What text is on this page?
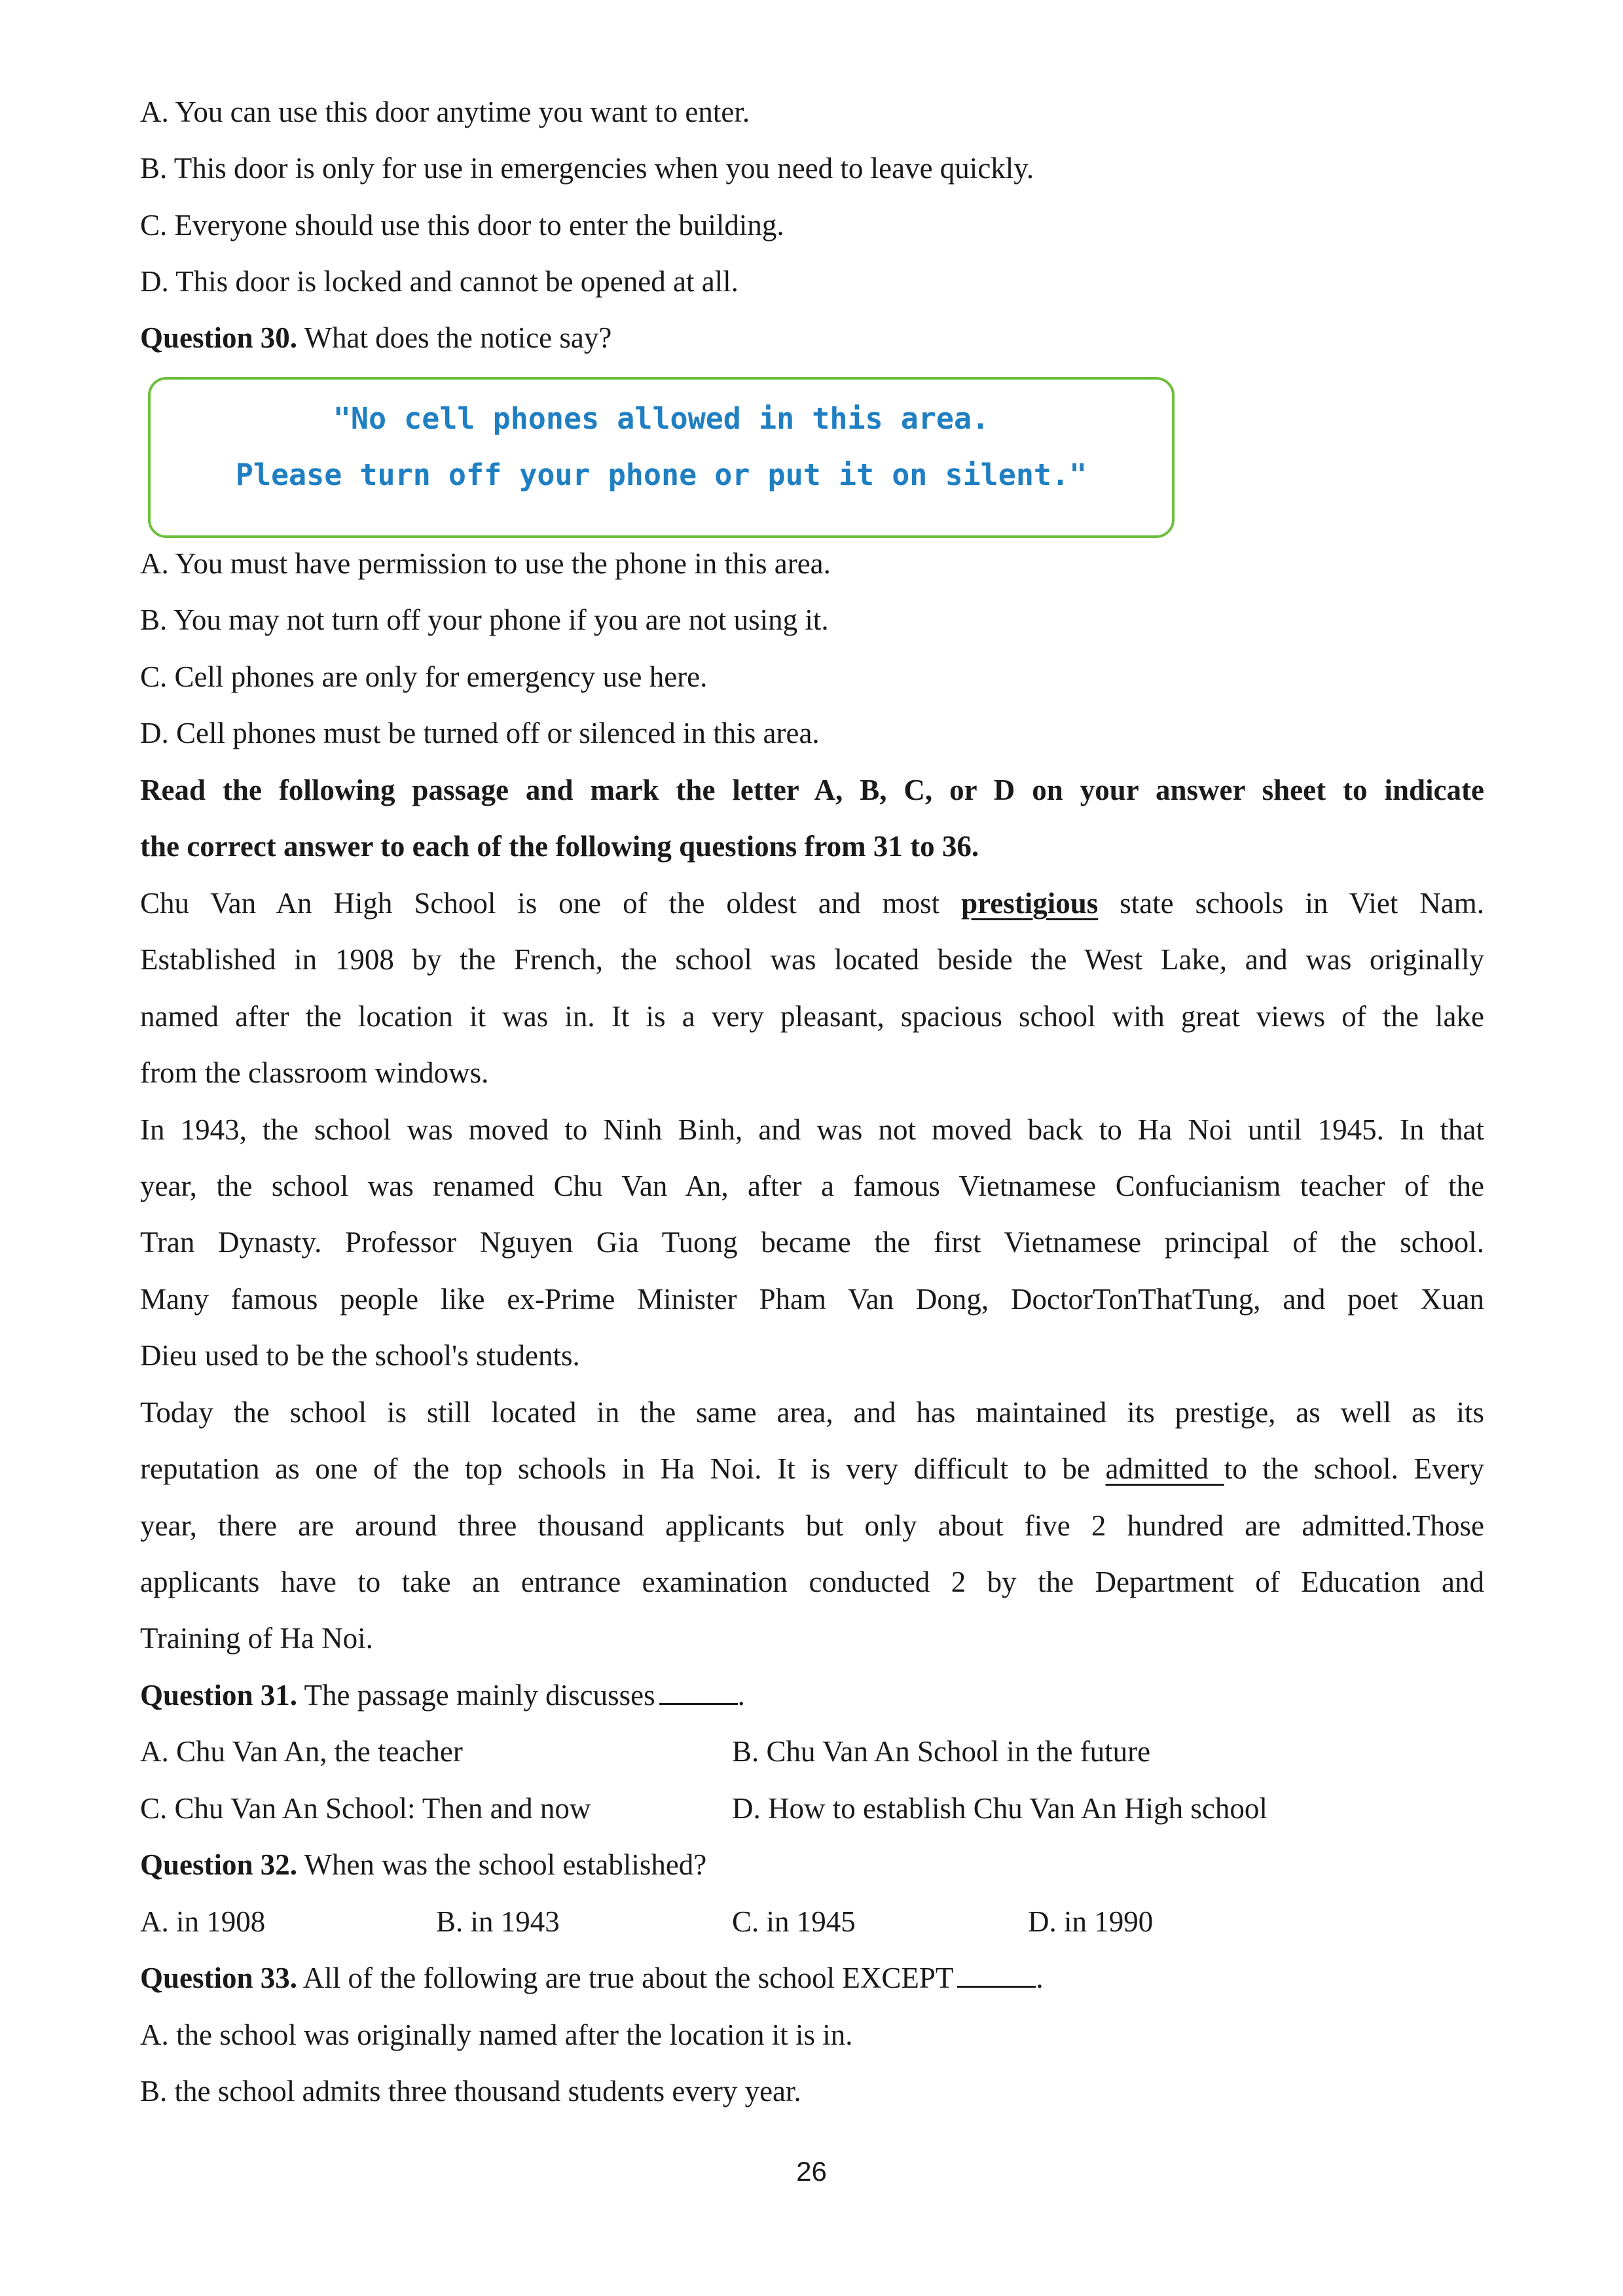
A. You can use this door anytime you want to enter.
B. This door is only for use in emergencies when you need to leave quickly.
C. Everyone should use this door to enter the building.
D. This door is locked and cannot be opened at all.
Question 30. What does the notice say?
"No cell phones allowed in this area.
Please turn off your phone or put it on silent."
A. You must have permission to use the phone in this area.
B. You may not turn off your phone if you are not using it.
C. Cell phones are only for emergency use here.
D. Cell phones must be turned off or silenced in this area.
Read the following passage and mark the letter A, B, C, or D on your answer sheet to indicate
the correct answer to each of the following questions from 31 to 36.
Chu Van An High School is one of the oldest and most prestigious state schools in Viet Nam.
Established in 1908 by the French, the school was located beside the West Lake, and was originally
named after the location it was in. It is a very pleasant, spacious school with great views of the lake
from the classroom windows.
In 1943, the school was moved to Ninh Binh, and was not moved back to Ha Noi until 1945. In that
year, the school was renamed Chu Van An, after a famous Vietnamese Confucianism teacher of the
Tran Dynasty. Professor Nguyen Gia Tuong became the first Vietnamese principal of the school.
Many famous people like ex-Prime Minister Pham Van Dong, DoctorTonThatTung, and poet Xuan
Dieu used to be the school's students.
Today the school is still located in the same area, and has maintained its prestige, as well as its
reputation as one of the top schools in Ha Noi. It is very difficult to be admitted to the school. Every
year, there are around three thousand applicants but only about five 2 hundred are admitted.Those
applicants have to take an entrance examination conducted 2 by the Department of Education and
Training of Ha Noi.
Question 31. The passage mainly discusses	.
A. Chu Van An, the teacher	B. Chu Van An School in the future
C. Chu Van An School: Then and now	D. How to establish Chu Van An High school
Question 32. When was the school established?
A. in 1908	B. in 1943	C. in 1945	D. in 1990
Question 33. All of the following are true about the school EXCEPT	.
A. the school was originally named after the location it is in.
B. the school admits three thousand students every year.
26
